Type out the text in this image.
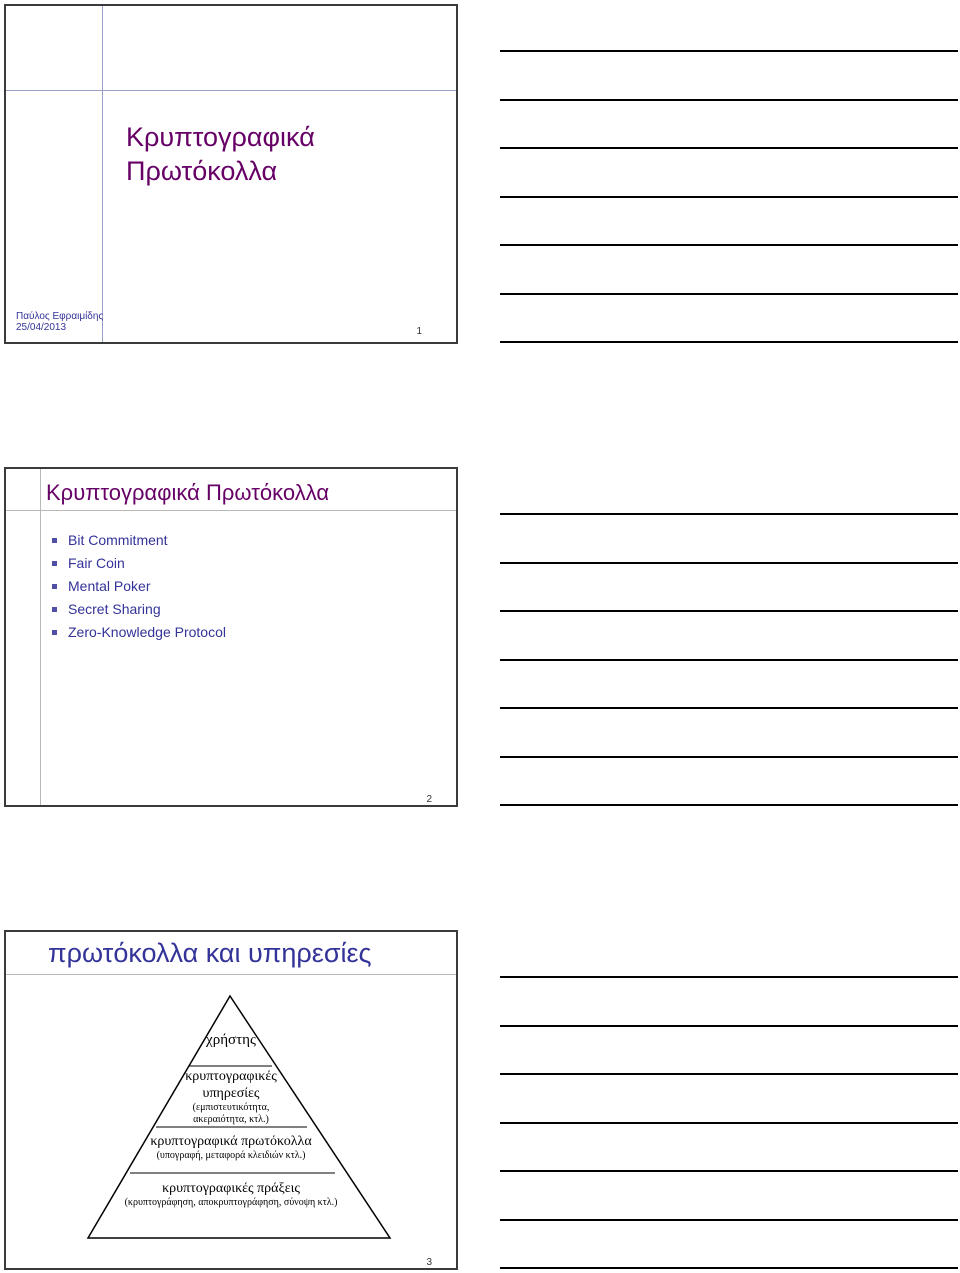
Κρυπτογραφικά
Πρωτόκολλα
Παύλος Εφραιμίδης
25/04/2013	1
Κρυπτογραφικά Πρωτόκολλα
Bit Commitment
Fair Coin
Mental Poker
Secret Sharing
Zero-Knowledge Protocol
2
πρωτόκολλα και υπηρεσίες
χρήστης
κρυπτογραφικές
υπηρεσίες
(εμπιστευτικότητα,
ακεραιότητα, κτλ.)
κρυπτογραφικά πρωτόκολλα
(υπογραφή, μεταφορά κλειδιών κτλ.)
κρυπτογραφικές πράξεις
(κρυπτογράφηση, αποκρυπτογράφηση, σύνοψη κτλ.)
3
